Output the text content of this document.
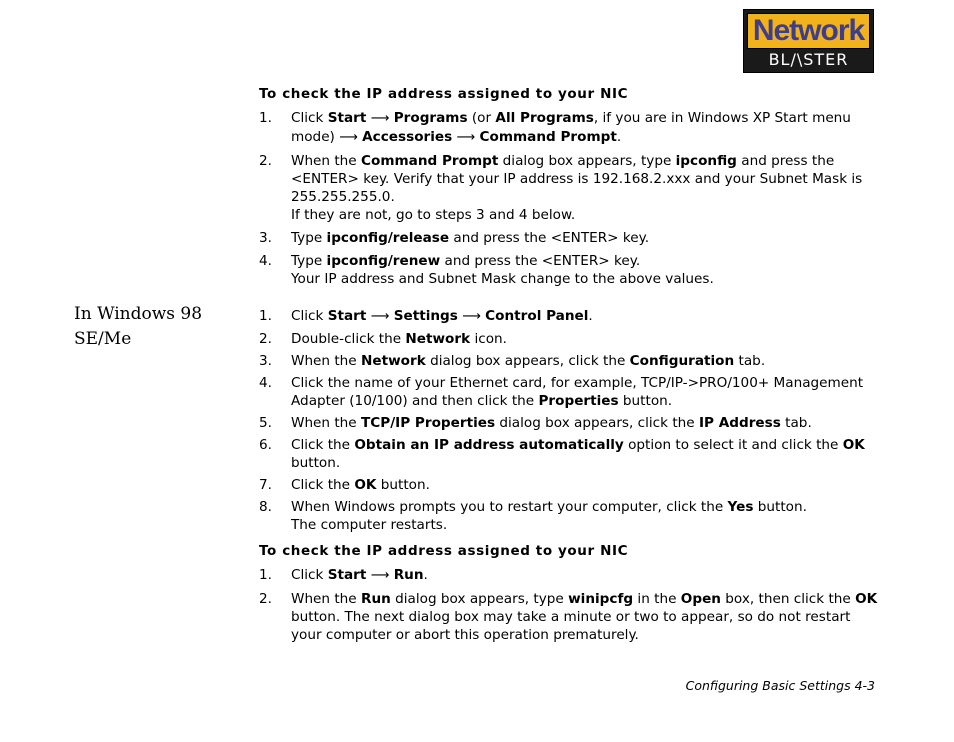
Network
BL/\STER
To check the IP address assigned to your NIC
1.	Click Start ⟶ Programs (or All Programs, if you are in Windows XP Start menu mode) ⟶ Accessories ⟶ Command Prompt.
2.	When the Command Prompt dialog box appears, type ipconfig and press the <ENTER> key. Verify that your IP address is 192.168.2.xxx and your Subnet Mask is 255.255.255.0.
If they are not, go to steps 3 and 4 below.
3.	Type ipconfig/release and press the <ENTER> key.
4.	Type ipconfig/renew and press the <ENTER> key.
Your IP address and Subnet Mask change to the above values.
In Windows 98 SE/Me
1.	Click Start ⟶ Settings ⟶ Control Panel.
2.	Double-click the Network icon.
3.	When the Network dialog box appears, click the Configuration tab.
4.	Click the name of your Ethernet card, for example, TCP/IP->PRO/100+ Management Adapter (10/100) and then click the Properties button.
5.	When the TCP/IP Properties dialog box appears, click the IP Address tab.
6.	Click the Obtain an IP address automatically option to select it and click the OK button.
7.	Click the OK button.
8.	When Windows prompts you to restart your computer, click the Yes button.
The computer restarts.
To check the IP address assigned to your NIC
1.	Click Start ⟶ Run.
2.	When the Run dialog box appears, type winipcfg in the Open box, then click the OK button. The next dialog box may take a minute or two to appear, so do not restart your computer or abort this operation prematurely.
Configuring Basic Settings 4-3
